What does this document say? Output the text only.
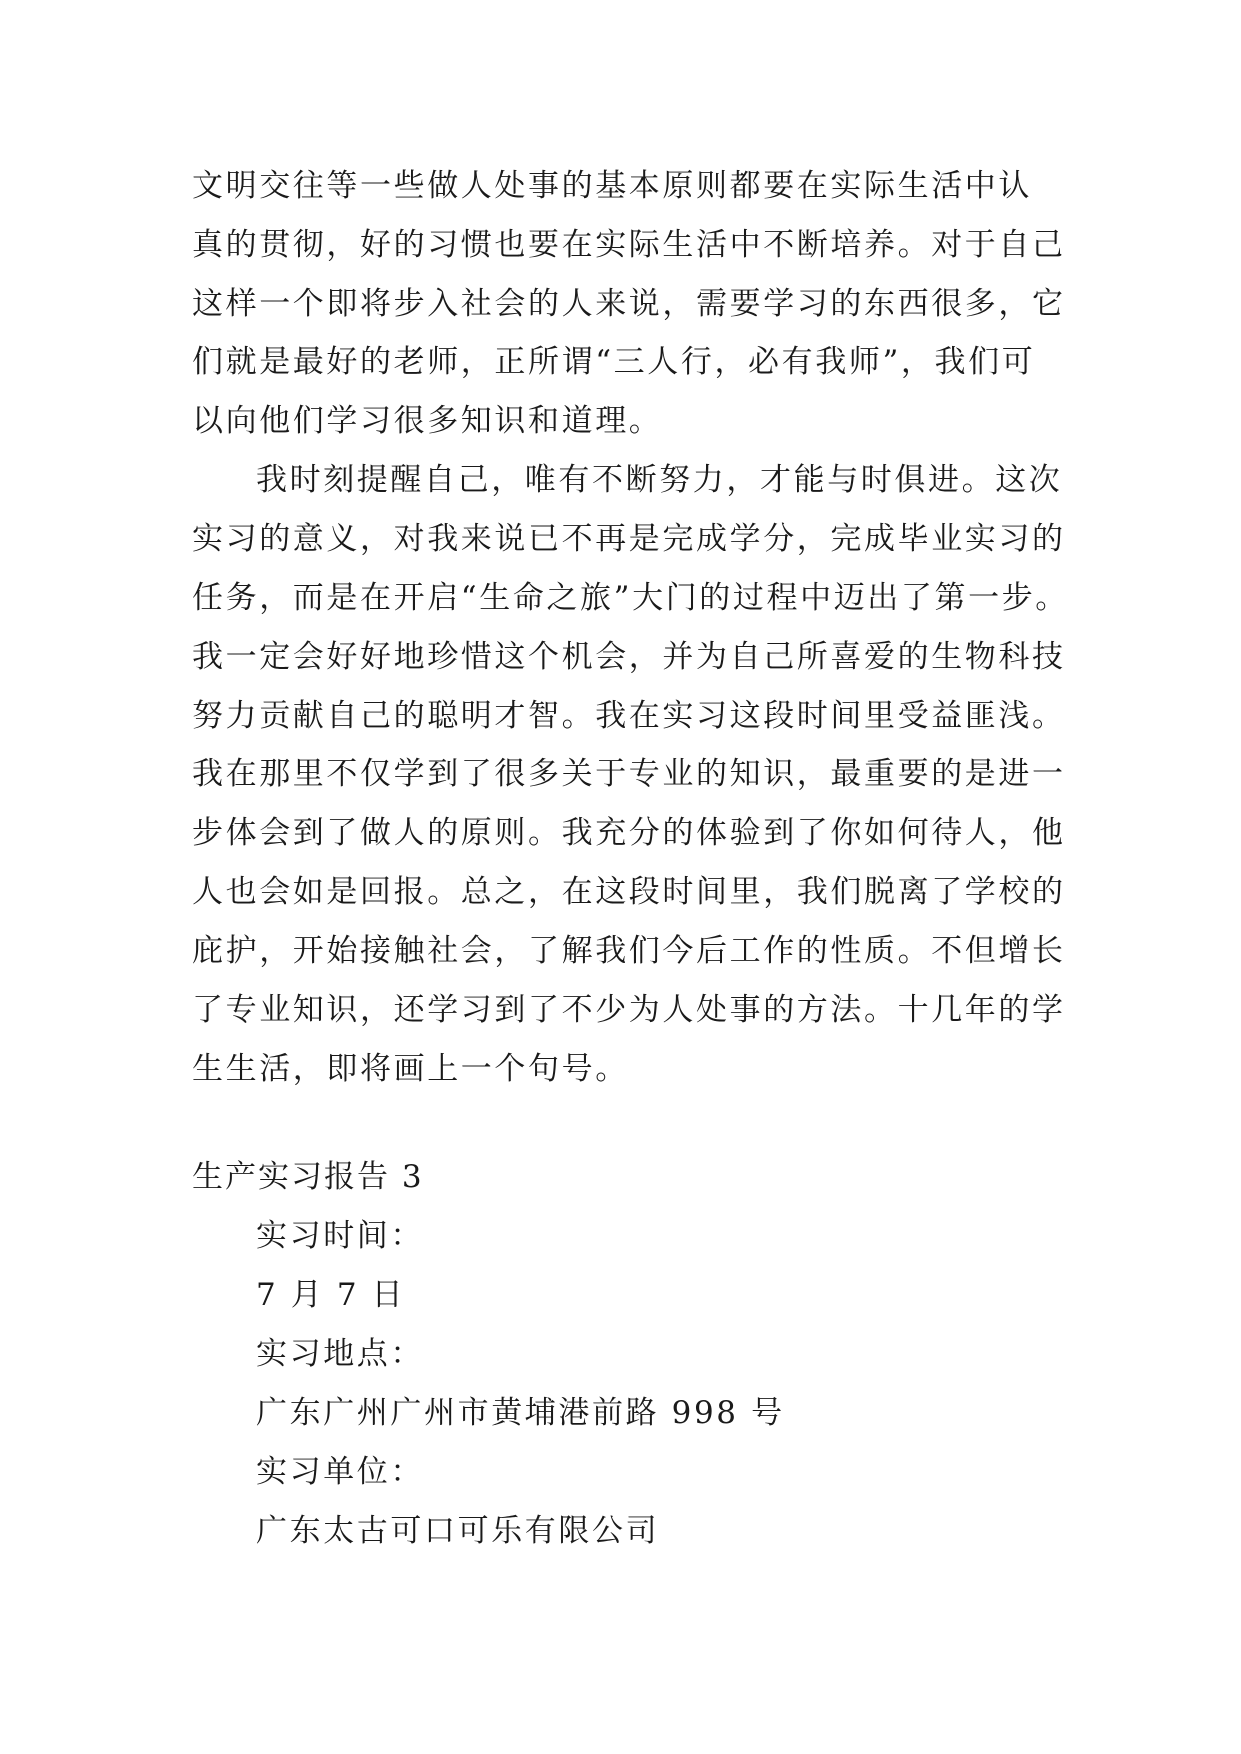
文明交往等一些做人处事的基本原则都要在实际生活中认
真的贯彻，好的习惯也要在实际生活中不断培养。对于自己
这样一个即将步入社会的人来说，需要学习的东西很多，它
们就是最好的老师，正所谓“三人行，必有我师”，我们可
以向他们学习很多知识和道理。
我时刻提醒自己，唯有不断努力，才能与时俱进。这次
实习的意义，对我来说已不再是完成学分，完成毕业实习的
任务，而是在开启“生命之旅”大门的过程中迈出了第一步。
我一定会好好地珍惜这个机会，并为自己所喜爱的生物科技
努力贡献自己的聪明才智。我在实习这段时间里受益匪浅。
我在那里不仅学到了很多关于专业的知识，最重要的是进一
步体会到了做人的原则。我充分的体验到了你如何待人，他
人也会如是回报。总之，在这段时间里，我们脱离了学校的
庇护，开始接触社会，了解我们今后工作的性质。不但增长
了专业知识，还学习到了不少为人处事的方法。十几年的学
生生活，即将画上一个句号。
生产实习报告 3
实习时间：
7 月 7 日
实习地点：
广东广州广州市黄埔港前路 998 号
实习单位：
广东太古可口可乐有限公司
